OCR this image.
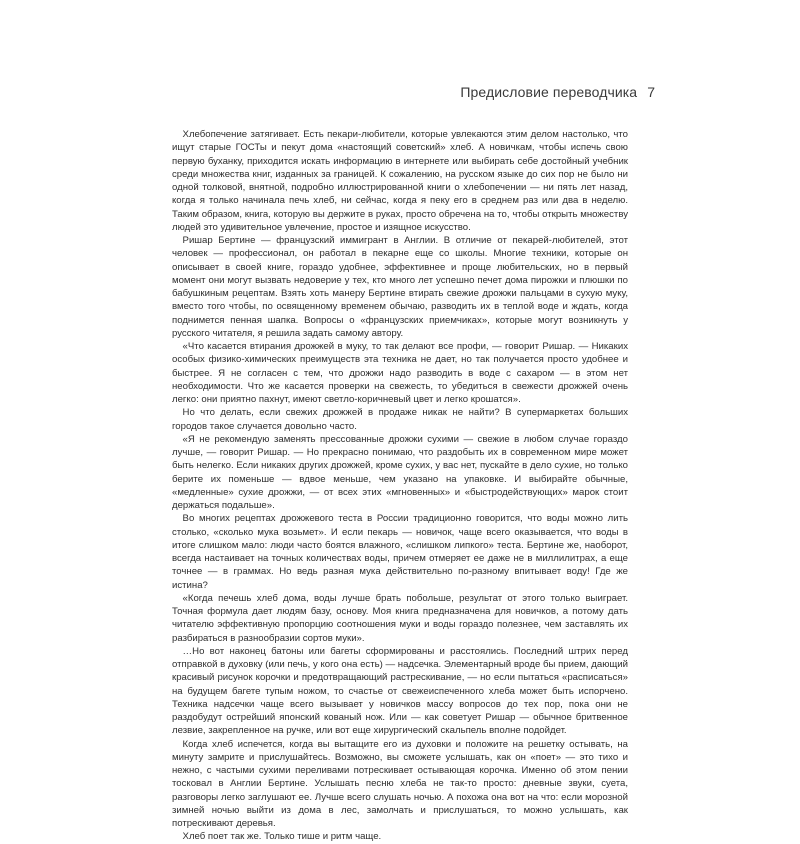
Предисловие переводчика 7

Хлебопечение затягивает. Есть пекари-любители, которые увлекаются этим делом настолько, что ищут старые ГОСТы и пекут дома «настоящий советский» хлеб. А новичкам, чтобы испечь свою первую буханку, приходится искать информацию в интернете или выбирать себе достойный учебник среди множества книг, изданных за границей. К сожалению, на русском языке до сих пор не было ни одной толковой, внятной, подробно иллюстрированной книги о хлебопечении — ни пять лет назад, когда я только начинала печь хлеб, ни сейчас, когда я пеку его в среднем раз или два в неделю. Таким образом, книга, которую вы держите в руках, просто обречена на то, чтобы открыть множеству людей это удивительное увлечение, простое и изящное искусство.

Ришар Бертине — французский иммигрант в Англии. В отличие от пекарей-любителей, этот человек — профессионал, он работал в пекарне еще со школы. Многие техники, которые он описывает в своей книге, гораздо удобнее, эффективнее и проще любительских, но в первый момент они могут вызвать недоверие у тех, кто много лет успешно печет дома пирожки и плюшки по бабушкиным рецептам. Взять хоть манеру Бертине втирать свежие дрожжи пальцами в сухую муку, вместо того чтобы, по освященному временем обычаю, разводить их в теплой воде и ждать, когда поднимется пенная шапка. Вопросы о «французских приемчиках», которые могут возникнуть у русского читателя, я решила задать самому автору.

«Что касается втирания дрожжей в муку, то так делают все профи, — говорит Ришар. — Никаких особых физико-химических преимуществ эта техника не дает, но так получается просто удобнее и быстрее. Я не согласен с тем, что дрожжи надо разводить в воде с сахаром — в этом нет необходимости. Что же касается проверки на свежесть, то убедиться в свежести дрожжей очень легко: они приятно пахнут, имеют светло-коричневый цвет и легко крошатся».

Но что делать, если свежих дрожжей в продаже никак не найти? В супермаркетах больших городов такое случается довольно часто.

«Я не рекомендую заменять прессованные дрожжи сухими — свежие в любом случае гораздо лучше, — говорит Ришар. — Но прекрасно понимаю, что раздобыть их в современном мире может быть нелегко. Если никаких других дрожжей, кроме сухих, у вас нет, пускайте в дело сухие, но только берите их поменьше — вдвое меньше, чем указано на упаковке. И выбирайте обычные, «медленные» сухие дрожжи, — от всех этих «мгновенных» и «быстродействующих» марок стоит держаться подальше».

Во многих рецептах дрожжевого теста в России традиционно говорится, что воды можно лить столько, «сколько мука возьмет». И если пекарь — новичок, чаще всего оказывается, что воды в итоге слишком мало: люди часто боятся влажного, «слишком липкого» теста. Бертине же, наоборот, всегда настаивает на точных количествах воды, причем отмеряет ее даже не в миллилитрах, а еще точнее — в граммах. Но ведь разная мука действительно по-разному впитывает воду! Где же истина?

«Когда печешь хлеб дома, воды лучше брать побольше, результат от этого только выиграет. Точная формула дает людям базу, основу. Моя книга предназначена для новичков, а потому дать читателю эффективную пропорцию соотношения муки и воды гораздо полезнее, чем заставлять их разбираться в разнообразии сортов муки».

…Но вот наконец батоны или багеты сформированы и расстоялись. Последний штрих перед отправкой в духовку (или печь, у кого она есть) — надсечка. Элементарный вроде бы прием, дающий красивый рисунок корочки и предотвращающий растрескивание, — но если пытаться «расписаться» на будущем багете тупым ножом, то счастье от свежеиспеченного хлеба может быть испорчено. Техника надсечки чаще всего вызывает у новичков массу вопросов до тех пор, пока они не раздобудут острейший японский кованый нож. Или — как советует Ришар — обычное бритвенное лезвие, закрепленное на ручке, или вот еще хирургический скальпель вполне подойдет.

Когда хлеб испечется, когда вы вытащите его из духовки и положите на решетку остывать, на минуту замрите и прислушайтесь. Возможно, вы сможете услышать, как он «поет» — это тихо и нежно, с частыми сухими переливами потрескивает остывающая корочка. Именно об этом пении тосковал в Англии Бертине. Услышать песню хлеба не так-то просто: дневные звуки, суета, разговоры легко заглушают ее. Лучше всего слушать ночью. А похожа она вот на что: если морозной зимней ночью выйти из дома в лес, замолчать и прислушаться, то можно услышать, как потрескивают деревья.

Хлеб поет так же. Только тише и ритм чаще.
